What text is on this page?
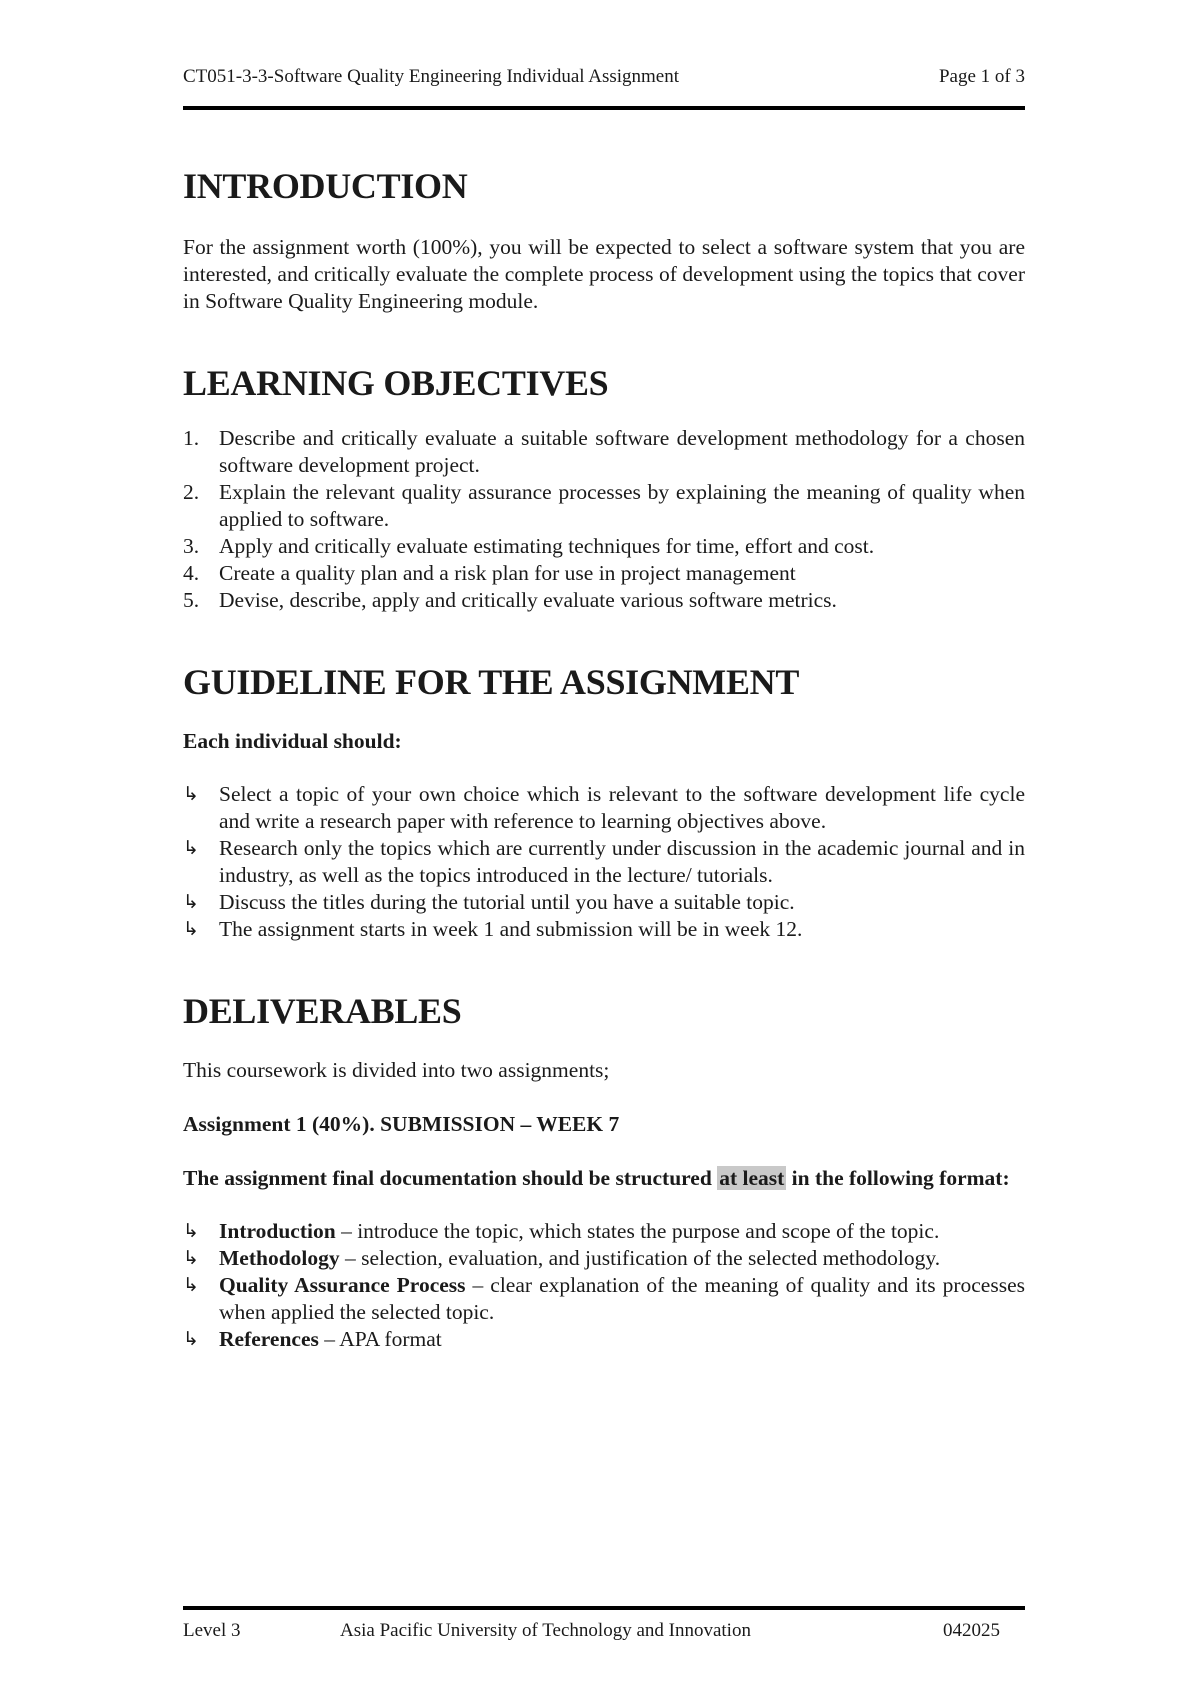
CT051-3-3-Software Quality Engineering Individual Assignment	Page 1 of 3
INTRODUCTION

For the assignment worth (100%), you will be expected to select a software system that you are interested, and critically evaluate the complete process of development using the topics that cover in Software Quality Engineering module.

LEARNING OBJECTIVES
1. Describe and critically evaluate a suitable software development methodology for a chosen software development project.
2. Explain the relevant quality assurance processes by explaining the meaning of quality when applied to software.
3. Apply and critically evaluate estimating techniques for time, effort and cost.
4. Create a quality plan and a risk plan for use in project management
5. Devise, describe, apply and critically evaluate various software metrics.
GUIDELINE FOR THE ASSIGNMENT

Each individual should:

↳ Select a topic of your own choice which is relevant to the software development life cycle and write a research paper with reference to learning objectives above.
↳ Research only the topics which are currently under discussion in the academic journal and in industry, as well as the topics introduced in the lecture/ tutorials.
↳ Discuss the titles during the tutorial until you have a suitable topic.
↳ The assignment starts in week 1 and submission will be in week 12.
DELIVERABLES

This coursework is divided into two assignments;

Assignment 1 (40%). SUBMISSION – WEEK 7

The assignment final documentation should be structured at least in the following format:

↳ Introduction – introduce the topic, which states the purpose and scope of the topic.
↳ Methodology – selection, evaluation, and justification of the selected methodology.
↳ Quality Assurance Process – clear explanation of the meaning of quality and its processes when applied the selected topic.
↳ References – APA format
Level 3	Asia Pacific University of Technology and Innovation	042025
